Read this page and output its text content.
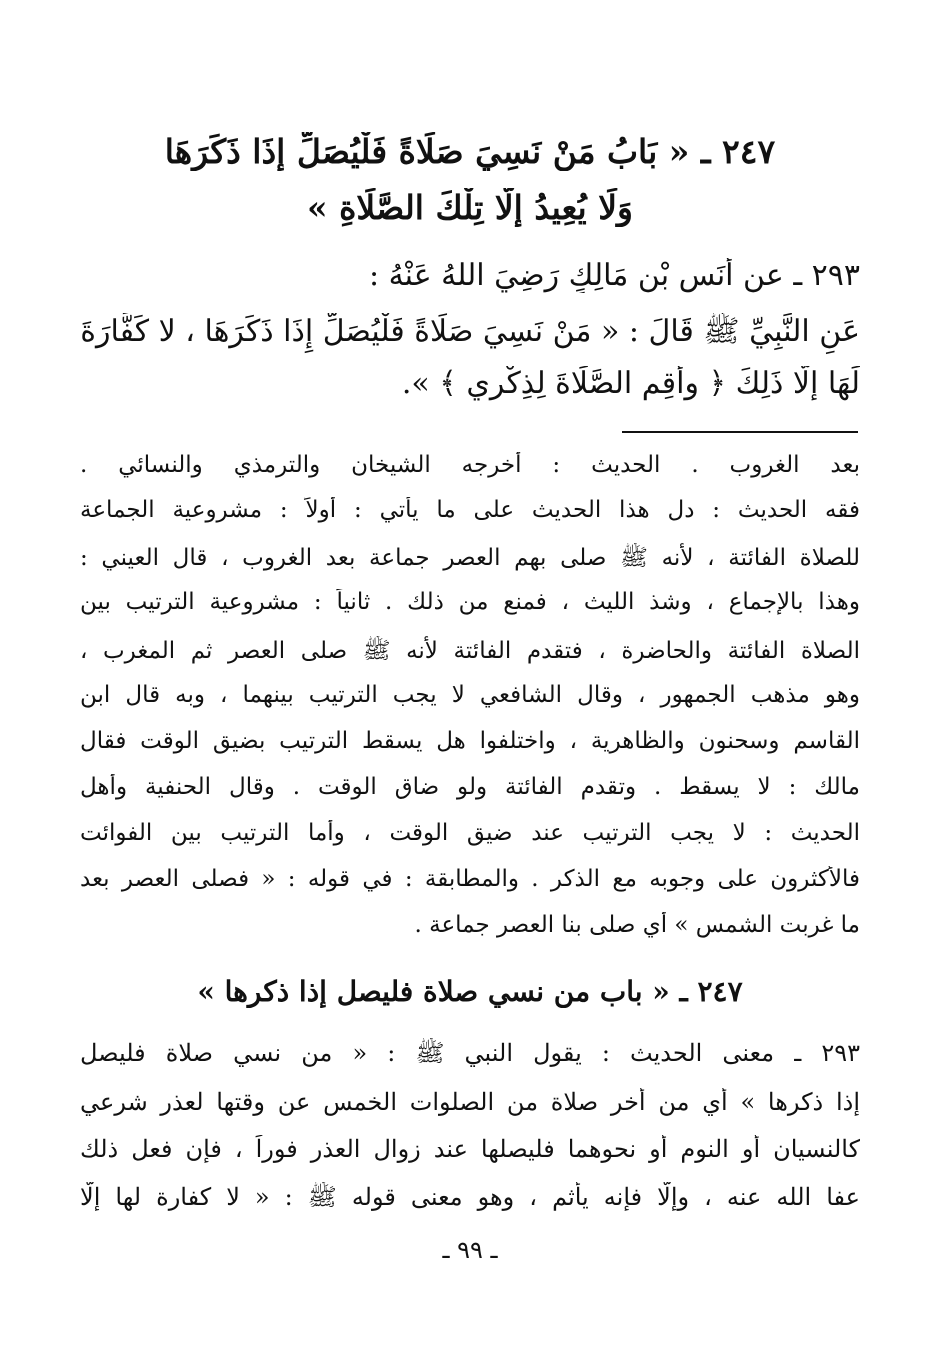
٢٤٧ ـ « بَابُ مَنْ نَسِيَ صَلَاةً فَلْيُصَلِّ إِذَا ذَكَرَهَا
وَلَا يُعِيدُ إِلَّا تِلْكَ الصَّلَاةِ »
٢٩٣ ـ عن أَنَسِ بْنِ مَالِكٍ رَضِيَ اللهُ عَنْهُ :
عَنِ النَّبِيِّ ﷺ قَالَ : « مَنْ نَسِيَ صَلَاةً فَلْيُصَلِّ إِذَا ذَكَرَهَا ، لا كَفَّارَةَ
لَهَا إِلَّا ذَلِكَ ﴿ وأَقِمِ الصَّلَاةَ لِذِكْرِي ﴾ ».
بعد الغروب . الحديث : أخرجه الشيخان والترمذي والنسائي .
فقه الحديث : دل هذا الحديث على ما يأتي : أولاً : مشروعية الجماعة
للصلاة الفائتة ، لأنه ﷺ صلى بهم العصر جماعة بعد الغروب ، قال العيني :
وهذا بالإجماع ، وشذ الليث ، فمنع من ذلك . ثانياً : مشروعية الترتيب بين
الصلاة الفائتة والحاضرة ، فتقدم الفائتة لأنه ﷺ صلى العصر ثم المغرب ،
وهو مذهب الجمهور ، وقال الشافعي لا يجب الترتيب بينهما ، وبه قال ابن
القاسم وسحنون والظاهرية ، واختلفوا هل يسقط الترتيب بضيق الوقت فقال
مالك : لا يسقط . وتقدم الفائتة ولو ضاق الوقت . وقال الحنفية وأهل
الحديث : لا يجب الترتيب عند ضيق الوقت ، وأما الترتيب بين الفوائت
فالأكثرون على وجوبه مع الذكر . والمطابقة : في قوله : « فصلى العصر بعد
ما غربت الشمس » أي صلى بنا العصر جماعة .
٢٤٧ ـ « باب من نسي صلاة فليصل إذا ذكرها »
٢٩٣ ـ معنى الحديث : يقول النبي ﷺ : « من نسي صلاة فليصل
إذا ذكرها » أي من أخر صلاة من الصلوات الخمس عن وقتها لعذر شرعي
كالنسيان أو النوم أو نحوهما فليصلها عند زوال العذر فوراً ، فإن فعل ذلك
عفا الله عنه ، وإلّا فإنه يأثم ، وهو معنى قوله ﷺ : « لا كفارة لها إلّا
ـ ٩٩ ـ
